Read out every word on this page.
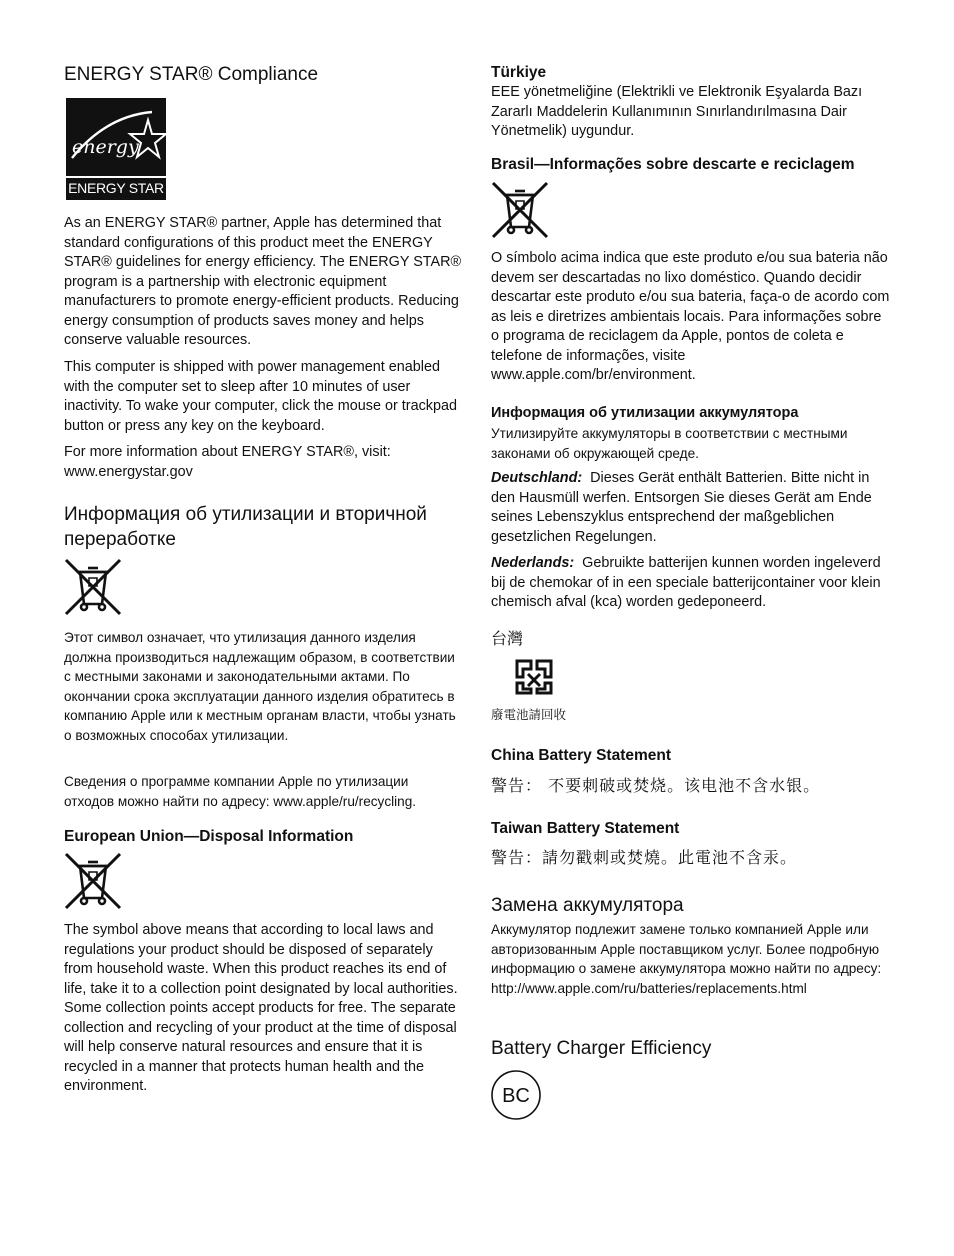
ENERGY STAR® Compliance
energy
ENERGY STAR

As an ENERGY STAR® partner, Apple has determined that standard configurations of this product meet the ENERGY STAR® guidelines for energy efficiency. The ENERGY STAR® program is a partnership with electronic equipment manufacturers to promote energy-efficient products. Reducing energy consumption of products saves money and helps conserve valuable resources.

This computer is shipped with power management enabled with the computer set to sleep after 10 minutes of user inactivity. To wake your computer, click the mouse or trackpad button or press any key on the keyboard.

For more information about ENERGY STAR®, visit: www.energystar.gov

Информация об утилизации и вторичной переработке

Этот символ означает, что утилизация данного изделия должна производиться надлежащим образом, в соответствии с местными законами и законодательными актами. По окончании срока эксплуатации данного изделия обратитесь в компанию Apple или к местным органам власти, чтобы узнать о возможных способах утилизации.

Сведения о программе компании Apple по утилизации отходов можно найти по адресу: www.apple/ru/recycling.

European Union—Disposal Information

The symbol above means that according to local laws and regulations your product should be disposed of separately from household waste. When this product reaches its end of life, take it to a collection point designated by local authorities. Some collection points accept products for free. The separate collection and recycling of your product at the time of disposal will help conserve natural resources and ensure that it is recycled in a manner that protects human health and the environment.

Türkiye

EEE yönetmeliğine (Elektrikli ve Elektronik Eşyalarda Bazı Zararlı Maddelerin Kullanımının Sınırlandırılmasına Dair Yönetmelik) uygundur.

Brasil—Informações sobre descarte e reciclagem

O símbolo acima indica que este produto e/ou sua bateria não devem ser descartadas no lixo doméstico. Quando decidir descartar este produto e/ou sua bateria, faça-o de acordo com as leis e diretrizes ambientais locais. Para informações sobre o programa de reciclagem da Apple, pontos de coleta e telefone de informações, visite www.apple.com/br/environment.

Информация об утилизации аккумулятора

Утилизируйте аккумуляторы в соответствии с местными законами об окружающей среде.

Deutschland: Dieses Gerät enthält Batterien. Bitte nicht in den Hausmüll werfen. Entsorgen Sie dieses Gerät am Ende seines Lebenszyklus entsprechend der maßgeblichen gesetzlichen Regelungen.

Nederlands: Gebruikte batterijen kunnen worden ingeleverd bij de chemokar of in een speciale batterijcontainer voor klein chemisch afval (kca) worden gedeponeerd.

台灣
廢電池請回收
China Battery Statement
警告： 不要刺破或焚烧。该电池不含水银。
Taiwan Battery Statement
警告：請勿戳刺或焚燒。此電池不含汞。
Замена аккумулятора

Аккумулятор подлежит замене только компанией Apple или авторизованным Apple поставщиком услуг. Более подробную информацию о замене аккумулятора можно найти по адресу: http://www.apple.com/ru/batteries/replacements.html

Battery Charger Efficiency
BC
